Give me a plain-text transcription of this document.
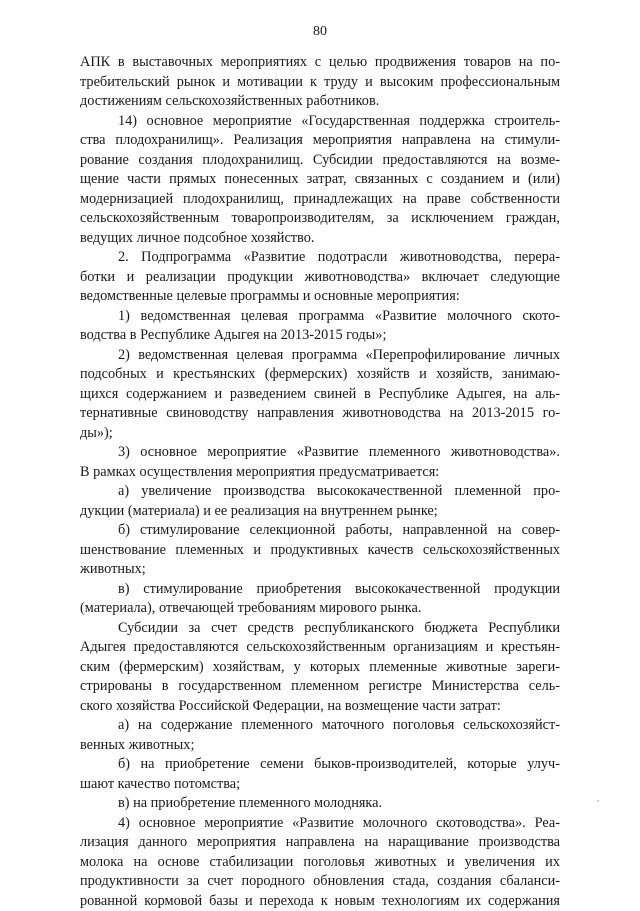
80
АПК в выставочных мероприятиях с целью продвижения товаров на по-
требительский рынок и мотивации к труду и высоким профессиональным
достижениям сельскохозяйственных работников.
14) основное мероприятие «Государственная поддержка строитель-
ства плодохранилищ». Реализация мероприятия направлена на стимули-
рование создания плодохранилищ. Субсидии предоставляются на возме-
щение части прямых понесенных затрат, связанных с созданием и (или)
модернизацией плодохранилищ, принадлежащих на праве собственности
сельскохозяйственным товаропроизводителям, за исключением граждан,
ведущих личное подсобное хозяйство.
2. Подпрограмма «Развитие подотрасли животноводства, перера-
ботки и реализации продукции животноводства» включает следующие
ведомственные целевые программы и основные мероприятия:
1) ведомственная целевая программа «Развитие молочного ското-
водства в Республике Адыгея на 2013-2015 годы»;
2) ведомственная целевая программа «Перепрофилирование личных
подсобных и крестьянских (фермерских) хозяйств и хозяйств, занимаю-
щихся содержанием и разведением свиней в Республике Адыгея, на аль-
тернативные свиноводству направления животноводства на 2013-2015 го-
ды»);
3) основное мероприятие «Развитие племенного животноводства».
В рамках осуществления мероприятия предусматривается:
а) увеличение производства высококачественной племенной про-
дукции (материала) и ее реализация на внутреннем рынке;
б) стимулирование селекционной работы, направленной на совер-
шенствование племенных и продуктивных качеств сельскохозяйственных
животных;
в) стимулирование приобретения высококачественной продукции
(материала), отвечающей требованиям мирового рынка.
Субсидии за счет средств республиканского бюджета Республики
Адыгея предоставляются сельскохозяйственным организациям и крестьян-
ским (фермерским) хозяйствам, у которых племенные животные зареги-
стрированы в государственном племенном регистре Министерства сель-
ского хозяйства Российской Федерации, на возмещение части затрат:
а) на содержание племенного маточного поголовья сельскохозяйст-
венных животных;
б) на приобретение семени быков-производителей, которые улуч-
шают качество потомства;
в) на приобретение племенного молодняка.
4) основное мероприятие «Развитие молочного скотоводства». Реа-
лизация данного мероприятия направлена на наращивание производства
молока на основе стабилизации поголовья животных и увеличения их
продуктивности за счет породного обновления стада, создания сбаланси-
рованной кормовой базы и перехода к новым технологиям их содержания
